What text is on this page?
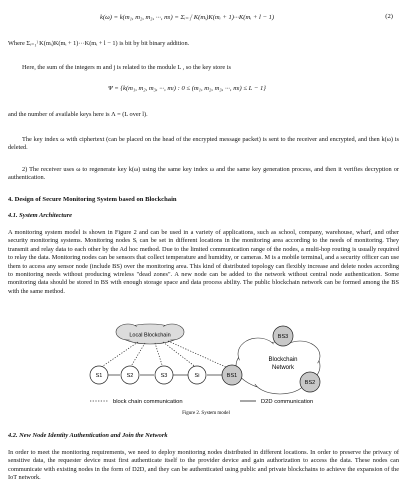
k(ω) = k(m₁, m₂, m₃, ···, mₗ) = Σᵢ₌₁ˡ K(mᵢ)K(mᵢ + 1)···K(mᵢ + l − 1)	(2)

Where Σᵢ₌₁ˡ K(mᵢ)K(mᵢ + 1)···K(mᵢ + l − 1) is bit by bit binary addition.

Here, the sum of the integers m and j is related to the module L , so the key store is

Ψ = {k(m₁, m₂, m₃, ···, mₗ) : 0 ≤ (m₁, m₂, m₃, ···, mₗ) ≤ L − 1}

and the number of available keys here is Λ = (L over l).

The key index ω with ciphertext (can be placed on the head of the encrypted message packet) is sent to the receiver and encrypted, and then k(ω) is deleted.

2) The receiver uses ω to regenerate key k(ω) using the same key index ω and the same key generation process, and then it verifies decryption or authentication.

4. Design of Secure Monitoring System based on Blockchain
4.1. System Architecture

A monitoring system model is shown in Figure 2 and can be used in a variety of applications, such as school, company, warehouse, wharf, and other security monitoring systems. Monitoring nodes Sᵢ can be set in different locations in the monitoring area according to the needs of monitoring. They transmit and relay data to each other by the Ad hoc method. Due to the limited communication range of the nodes, a multi-hop routing is usually required to relay the data. Monitoring nodes can be sensors that collect temperature and humidity, or cameras. M is a mobile terminal, and a security officer can use them to access any sensor node (include BS) over the monitoring area. This kind of distributed topology can flexibly increase and delete nodes according to monitoring needs without producing wireless "dead zones". A new node can be added to the network without central node authentication. Some monitoring data should be stored in BS with enough storage space and data process ability. The public blockchain network can be formed among the BS with the same method.

Local Blockchain
Blockchain
Network
S1	S2	S3	Si	BS1
BS3
BS2
block chain communication	D2D communication
Figure 2. System model
4.2. New Node Identity Authentication and Join the Network

In order to meet the monitoring requirements, we need to deploy monitoring nodes distributed in different locations. In order to preserve the privacy of sensitive data, the requester device must first authenticate itself to the provider device and gain authorization to access the data. These nodes can communicate with existing nodes in the form of D2D, and they can be authenticated using public and private blockchains to achieve the expansion of the IoT network.
